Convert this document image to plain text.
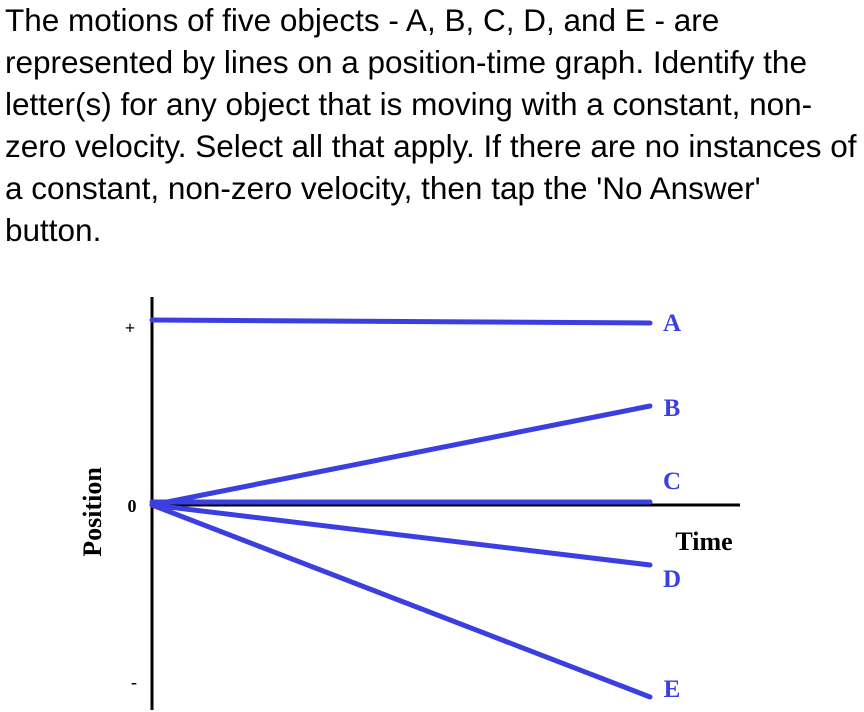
The motions of five objects - A, B, C, D, and E - are represented by lines on a position-time graph. Identify the letter(s) for any object that is moving with a constant, non-zero velocity. Select all that apply. If there are no instances of a constant, non-zero velocity, then tap the 'No Answer' button.

A
B
C
D
E
Time
Position
+
0
-
